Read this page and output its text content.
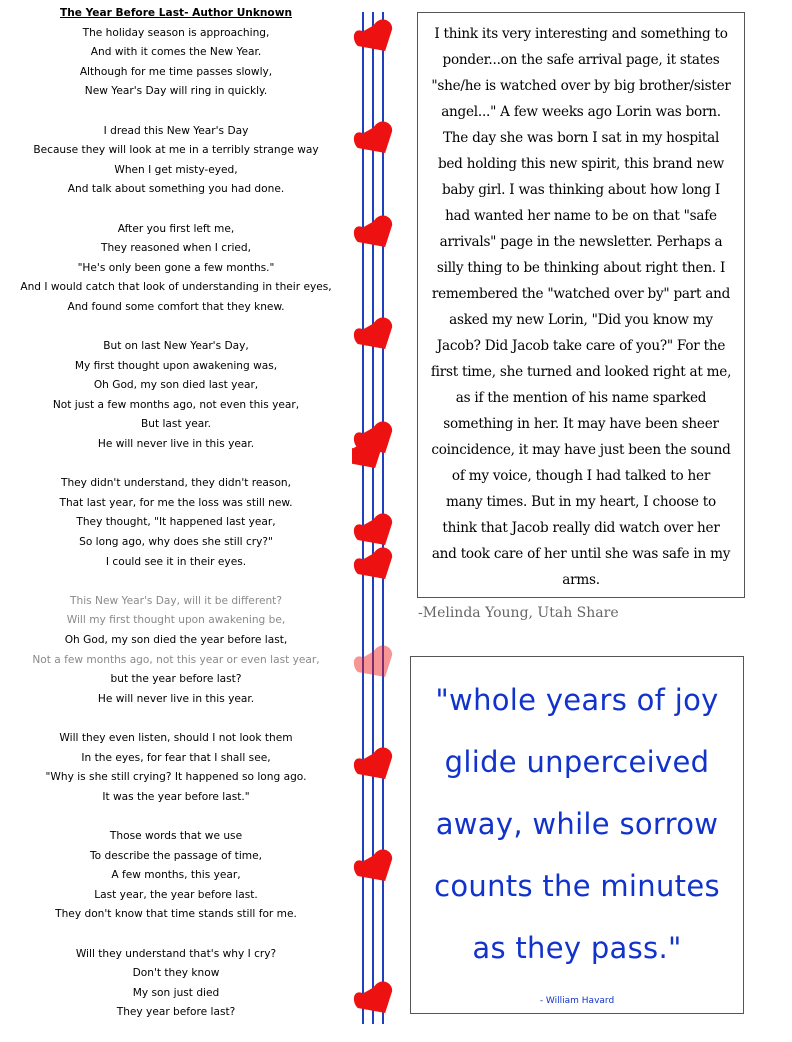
The Year Before Last- Author Unknown
The holiday season is approaching,
And with it comes the New Year.
Although for me time passes slowly,
New Year's Day will ring in quickly.
I dread this New Year's Day
Because they will look at me in a terribly strange way
When I get misty-eyed,
And talk about something you had done.
After you first left me,
They reasoned when I cried,
"He's only been gone a few months."
And I would catch that look of understanding in their eyes,
And found some comfort that they knew.
But on last New Year's Day,
My first thought upon awakening was,
Oh God, my son died last year,
Not just a few months ago, not even this year,
But last year.
He will never live in this year.
They didn't understand, they didn't reason,
That last year, for me the loss was still new.
They thought, "It happened last year,
So long ago, why does she still cry?"
I could see it in their eyes.
This New Year's Day, will it be different?
Will my first thought upon awakening be,
Oh God, my son died the year before last,
Not a few months ago, not this year or even last year,
but the year before last?
He will never live in this year.
Will they even listen, should I not look them
In the eyes, for fear that I shall see,
"Why is she still crying? It happened so long ago.
It was the year before last."
Those words that we use
To describe the passage of time,
A few months, this year,
Last year, the year before last.
They don't know that time stands still for me.
Will they understand that's why I cry?
Don't they know
My son just died
They year before last?
I think its very interesting and something to
ponder...on the safe arrival page, it states
"she/he is watched over by big brother/sister
angel..." A few weeks ago Lorin was born.
The day she was born I sat in my hospital
bed holding this new spirit, this brand new
baby girl. I was thinking about how long I
had wanted her name to be on that "safe
arrivals" page in the newsletter. Perhaps a
silly thing to be thinking about right then. I
remembered the "watched over by" part and
asked my new Lorin, "Did you know my
Jacob? Did Jacob take care of you?" For the
first time, she turned and looked right at me,
as if the mention of his name sparked
something in her. It may have been sheer
coincidence, it may have just been the sound
of my voice, though I had talked to her
many times. But in my heart, I choose to
think that Jacob really did watch over her
and took care of her until she was safe in my
arms.
-Melinda Young, Utah Share
"whole years of joy
glide unperceived
away, while sorrow
counts the minutes
as they pass."
- William Havard
